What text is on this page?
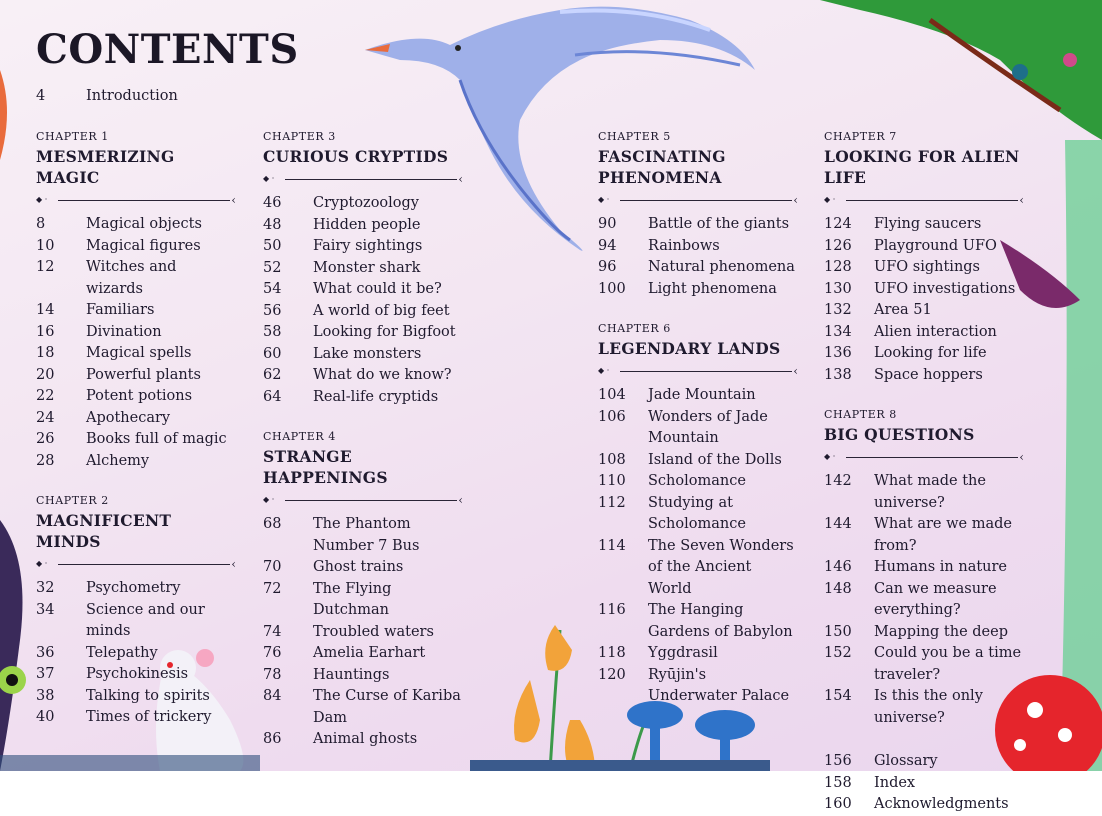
CONTENTS
4	Introduction
CHAPTER 1
MESMERIZING MAGIC
◆ ·	‹
8	Magical objects
10	Magical figures
12	Witches and wizards
14	Familiars
16	Divination
18	Magical spells
20	Powerful plants
22	Potent potions
24	Apothecary
26	Books full of magic
28	Alchemy
CHAPTER 2
MAGNIFICENT MINDS
◆ ·	‹
32	Psychometry
34	Science and our minds
36	Telepathy
37	Psychokinesis
38	Talking to spirits
40	Times of trickery
CHAPTER 3
CURIOUS CRYPTIDS
◆ ·	‹
46	Cryptozoology
48	Hidden people
50	Fairy sightings
52	Monster shark
54	What could it be?
56	A world of big feet
58	Looking for Bigfoot
60	Lake monsters
62	What do we know?
64	Real-life cryptids
CHAPTER 4
STRANGE HAPPENINGS
◆ ·	‹
68	The Phantom Number 7 Bus
70	Ghost trains
72	The Flying Dutchman
74	Troubled waters
76	Amelia Earhart
78	Hauntings
84	The Curse of Kariba Dam
86	Animal ghosts
CHAPTER 5
FASCINATING PHENOMENA
◆ ·	‹
90	Battle of the giants
94	Rainbows
96	Natural phenomena
100	Light phenomena
CHAPTER 6
LEGENDARY LANDS
◆ ·	‹
104	Jade Mountain
106	Wonders of Jade Mountain
108	Island of the Dolls
110	Scholomance
112	Studying at Scholomance
114	The Seven Wonders of the Ancient World
116	The Hanging Gardens of Babylon
118	Yggdrasil
120	Ryūjin's Underwater Palace
CHAPTER 7
LOOKING FOR ALIEN LIFE
◆ ·	‹
124	Flying saucers
126	Playground UFO
128	UFO sightings
130	UFO investigations
132	Area 51
134	Alien interaction
136	Looking for life
138	Space hoppers
CHAPTER 8
BIG QUESTIONS
◆ ·	‹
142	What made the universe?
144	What are we made from?
146	Humans in nature
148	Can we measure everything?
150	Mapping the deep
152	Could you be a time traveler?
154	Is this the only universe?
156	Glossary
158	Index
160	Acknowledgments
